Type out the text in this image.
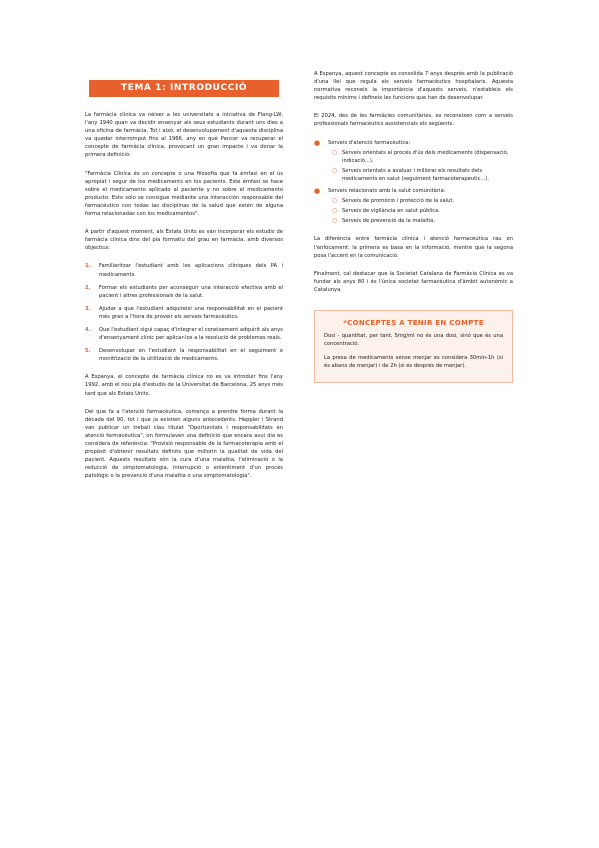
TEMA 1: INTRODUCCIÓ

La farmàcia clínica va néixer a les universitats a iniciativa de Flang-LW, l'any 1940 quan va decidir ensenyar als seus estudiants durant uns dies a una oficina de farmàcia. Tot i això, el desenvolupament d'aquesta disciplina va quedar interromput fins al 1966, any en què Pancer va recuperar el concepte de farmàcia clínica, provocant un gran impacte i va donar la primera definició:

"Farmàcia Clínica és un concepte o una filosofia que fa èmfasi en el ús apropiat i segur de los medicaments en los pacients. Este èmfasi se hace sobre el medicamento aplicado al paciente y no sobre el medicamento producto. Esto sólo se consigue mediante una interacción responsable del farmacéutico con todas las disciplinas de la salud que estén de alguna forma relacionadas con los medicamentos".

A partir d'aquest moment, als Estats Units es van incorporar els estudis de farmàcia clínica dins del pla formatiu del grau en farmàcia, amb diversos objectius:

1.	Familiaritzar l'estudiant amb les aplicacions clíniques dels PA i medicaments.
2.	Formar els estudiants per aconseguir una interacció efectiva amb el pacient i altres professionals de la salut.
3.	Ajudar a que l'estudiant adquireixi una responsabilitat en el pacient més gran a l'hora de proveir els serveis farmacèutics.
4.	Que l'estudiant sigui capaç d'integrar el coneixement adquirit als anys d'ensenyament clínic per aplicar-los a la resolució de problemes reals.
5.	Desenvolupar en l'estudiant la responsabilitat en el seguiment o monitització de la utilització de medicaments.

A Espanya, el concepte de farmàcia clínica no es va introduir fins l'any 1992, amb el nou pla d'estudis de la Universitat de Barcelona, 25 anys més tard que als Estats Units.

Del que fa a l'atenció farmacèutica, comença a prendre forma durant la dècada del 90, tot i que ja existien alguns antecedents. Heppler i Strand van publicar un treball clau titulat "Oportunitats i responsabilitats en atenció farmacèutica", on formulaven una definició que encara avui dia es considera de referència: "Provisió responsable de la farmacoteràpia amb el propòsit d'obtenir resultats definits que millorin la qualitat de vida del pacient. Aquests resultats són la cura d'una malaltia, l'eliminació o la reducció de simptomatologia, interrupció o enlentiment d'un procés patològic o la prevenció d'una malaltia o una simptomatologia".

A Espanya, aquest concepte es consolida 7 anys després amb la publicació d'una llei que regula els serveis farmacèutics hospitalaris. Aquesta normativa reconeix la importància d'aquests serveis, n'estableix els requisits mínims i defineix les funcions que han de desenvolupar.

El 2024, des de les farmàcies comunitàries, es reconeixen com a serveis professionals farmacèutics assistencials els següents:

●	Serveis d'atenció farmacèutica:
○ Serveis orientats al procés d'ús dels medicaments (dispensació, indicació...).
○ Serveis orientats a avaluar i millorar els resultats dels medicaments en salut (seguiment farmacoterapèutic...).
●	Serveis relacionats amb la salut comunitària:
○ Serveis de promoció i protecció de la salut.
○ Serveis de vigilància en salut pública.
○ Serveis de prevenció de la malaltia.

La diferència entre farmàcia clínica i atenció farmacèutica rau en l'enfocament: la primera es basa en la informació, mentre que la segona posa l'accent en la comunicació.

Finalment, cal destacar que la Societat Catalana de Farmàcia Clínica es va fundar als anys 80 i és l'única societat farmacèutica d'àmbit autonòmic a Catalunya.

*CONCEPTES A TENIR EN COMPTE

Dosi - quantitat, per tant, 5mg/ml no és una dosi, sinó que és una concentració.

La presa de medicaments sense menjar es considera 30min-1h (si és abans de menjar) i de 2h (si és després de menjar).
